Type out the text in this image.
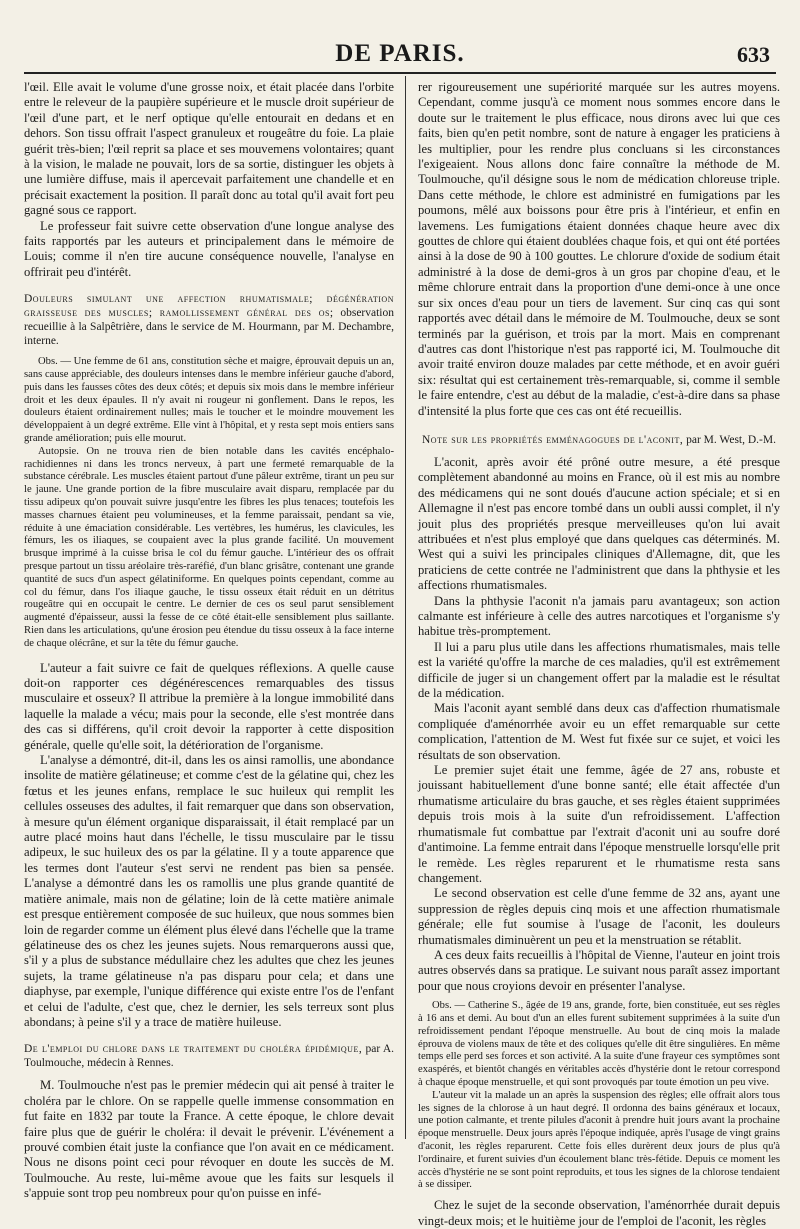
DE PARIS.	633

l'œil. Elle avait le volume d'une grosse noix, et était placée dans l'orbite entre le releveur de la paupière supérieure et le muscle droit supérieur de l'œil d'une part, et le nerf optique qu'elle entourait en dedans et en dehors. Son tissu offrait l'aspect granuleux et rougeâtre du foie. La plaie guérit très-bien; l'œil reprit sa place et ses mouvemens volontaires; quant à la vision, le malade ne pouvait, lors de sa sortie, distinguer les objets à une lumière diffuse, mais il apercevait parfaitement une chandelle et en précisait exactement la position. Il paraît donc au total qu'il avait fort peu gagné sous ce rapport.

Le professeur fait suivre cette observation d'une longue analyse des faits rapportés par les auteurs et principalement dans le mémoire de Louis; comme il n'en tire aucune conséquence nouvelle, l'analyse en offrirait peu d'intérêt.

Douleurs simulant une affection rhumatismale; dégénération graisseuse des muscles; ramollissement général des os; observation recueillie à la Salpêtrière, dans le service de M. Hourmann, par M. Dechambre, interne.

Obs. — Une femme de 61 ans, constitution sèche et maigre, éprouvait depuis un an, sans cause appréciable, des douleurs intenses dans le membre inférieur gauche d'abord, puis dans les fausses côtes des deux côtés; et depuis six mois dans le membre inférieur droit et les deux épaules. Il n'y avait ni rougeur ni gonflement. Dans le repos, les douleurs étaient ordinairement nulles; mais le toucher et le moindre mouvement les développaient à un degré extrême. Elle vint à l'hôpital, et y resta sept mois entiers sans grande amélioration; puis elle mourut.

Autopsie. On ne trouva rien de bien notable dans les cavités encéphalo-rachidiennes ni dans les troncs nerveux, à part une fermeté remarquable de la substance cérébrale. Les muscles étaient partout d'une pâleur extrême, tirant un peu sur le jaune. Une grande portion de la fibre musculaire avait disparu, remplacée par du tissu adipeux qu'on pouvait suivre jusqu'entre les fibres les plus tenaces; toutefois les masses charnues étaient peu volumineuses, et la femme paraissait, pendant sa vie, réduite à une émaciation considérable. Les vertèbres, les humérus, les clavicules, les fémurs, les os iliaques, se coupaient avec la plus grande facilité. Un mouvement brusque imprimé à la cuisse brisa le col du fémur gauche. L'intérieur des os offrait presque partout un tissu aréolaire très-raréfié, d'un blanc grisâtre, contenant une grande quantité de sucs d'un aspect gélatiniforme. En quelques points cependant, comme au col du fémur, dans l'os iliaque gauche, le tissu osseux était réduit en un détritus rougeâtre qui en occupait le centre. Le dernier de ces os seul parut sensiblement augmenté d'épaisseur, aussi la fesse de ce côté était-elle sensiblement plus saillante. Rien dans les articulations, qu'une érosion peu étendue du tissu osseux à la face interne de chaque olécrâne, et sur la tête du fémur gauche.

L'auteur a fait suivre ce fait de quelques réflexions. A quelle cause doit-on rapporter ces dégénérescences remarquables des tissus musculaire et osseux? Il attribue la première à la longue immobilité dans laquelle la malade a vécu; mais pour la seconde, elle s'est montrée dans des cas si différens, qu'il croit devoir la rapporter à cette disposition générale, quelle qu'elle soit, la détérioration de l'organisme.

L'analyse a démontré, dit-il, dans les os ainsi ramollis, une abondance insolite de matière gélatineuse; et comme c'est de la gélatine qui, chez les fœtus et les jeunes enfans, remplace le suc huileux qui remplit les cellules osseuses des adultes, il fait remarquer que dans son observation, à mesure qu'un élément organique disparaissait, il était remplacé par un autre placé moins haut dans l'échelle, le tissu musculaire par le tissu adipeux, le suc huileux des os par la gélatine. Il y a toute apparence que les termes dont l'auteur s'est servi ne rendent pas bien sa pensée. L'analyse a démontré dans les os ramollis une plus grande quantité de matière animale, mais non de gélatine; loin de là cette matière animale est presque entièrement composée de suc huileux, que nous sommes bien loin de regarder comme un élément plus élevé dans l'échelle que la trame gélatineuse des os chez les jeunes sujets. Nous remarquerons aussi que, s'il y a plus de substance médullaire chez les adultes que chez les jeunes sujets, la trame gélatineuse n'a pas disparu pour cela; et dans une diaphyse, par exemple, l'unique différence qui existe entre l'os de l'enfant et celui de l'adulte, c'est que, chez le dernier, les sels terreux sont plus abondans; à peine s'il y a trace de matière huileuse.

De l'emploi du chlore dans le traitement du choléra épidémique, par A. Toulmouche, médecin à Rennes.

M. Toulmouche n'est pas le premier médecin qui ait pensé à traiter le choléra par le chlore. On se rappelle quelle immense consommation en fut faite en 1832 par toute la France. A cette époque, le chlore devait faire plus que de guérir le choléra: il devait le prévenir. L'événement a prouvé combien était juste la confiance que l'on avait en ce médicament. Nous ne disons point ceci pour révoquer en doute les succès de M. Toulmouche. Au reste, lui-même avoue que les faits sur lesquels il s'appuie sont trop peu nombreux pour qu'on puisse en infé-

rer rigoureusement une supériorité marquée sur les autres moyens. Cependant, comme jusqu'à ce moment nous sommes encore dans le doute sur le traitement le plus efficace, nous dirons avec lui que ces faits, bien qu'en petit nombre, sont de nature à engager les praticiens à les multiplier, pour les rendre plus concluans si les circonstances l'exigeaient. Nous allons donc faire connaître la méthode de M. Toulmouche, qu'il désigne sous le nom de médication chloreuse triple. Dans cette méthode, le chlore est administré en fumigations par les poumons, mêlé aux boissons pour être pris à l'intérieur, et enfin en lavemens. Les fumigations étaient données chaque heure avec dix gouttes de chlore qui étaient doublées chaque fois, et qui ont été portées ainsi à la dose de 90 à 100 gouttes. Le chlorure d'oxide de sodium était administré à la dose de demi-gros à un gros par chopine d'eau, et le même chlorure entrait dans la proportion d'une demi-once à une once sur six onces d'eau pour un tiers de lavement. Sur cinq cas qui sont rapportés avec détail dans le mémoire de M. Toulmouche, deux se sont terminés par la guérison, et trois par la mort. Mais en comprenant d'autres cas dont l'historique n'est pas rapporté ici, M. Toulmouche dit avoir traité environ douze malades par cette méthode, et en avoir guéri six: résultat qui est certainement très-remarquable, si, comme il semble le faire entendre, c'est au début de la maladie, c'est-à-dire dans sa phase d'intensité la plus forte que ces cas ont été recueillis.

Note sur les propriétés emménagogues de l'aconit, par M. West, D.-M.

L'aconit, après avoir été prôné outre mesure, a été presque complètement abandonné au moins en France, où il est mis au nombre des médicamens qui ne sont doués d'aucune action spéciale; et si en Allemagne il n'est pas encore tombé dans un oubli aussi complet, il n'y jouit plus des propriétés presque merveilleuses qu'on lui avait attribuées et n'est plus employé que dans quelques cas déterminés. M. West qui a suivi les principales cliniques d'Allemagne, dit, que les praticiens de cette contrée ne l'administrent que dans la phthysie et les affections rhumatismales.

Dans la phthysie l'aconit n'a jamais paru avantageux; son action calmante est inférieure à celle des autres narcotiques et l'organisme s'y habitue très-promptement.

Il lui a paru plus utile dans les affections rhumatismales, mais telle est la variété qu'offre la marche de ces maladies, qu'il est extrêmement difficile de juger si un changement offert par la maladie est le résultat de la médication.

Mais l'aconit ayant semblé dans deux cas d'affection rhumatismale compliquée d'aménorrhée avoir eu un effet remarquable sur cette complication, l'attention de M. West fut fixée sur ce sujet, et voici les résultats de son observation.

Le premier sujet était une femme, âgée de 27 ans, robuste et jouissant habituellement d'une bonne santé; elle était affectée d'un rhumatisme articulaire du bras gauche, et ses règles étaient supprimées depuis trois mois à la suite d'un refroidissement. L'affection rhumatismale fut combattue par l'extrait d'aconit uni au soufre doré d'antimoine. La femme entrait dans l'époque menstruelle lorsqu'elle prit le remède. Les règles reparurent et le rhumatisme resta sans changement.

Le second observation est celle d'une femme de 32 ans, ayant une suppression de règles depuis cinq mois et une affection rhumatismale générale; elle fut soumise à l'usage de l'aconit, les douleurs rhumatismales diminuèrent un peu et la menstruation se rétablit.

A ces deux faits recueillis à l'hôpital de Vienne, l'auteur en joint trois autres observés dans sa pratique. Le suivant nous paraît assez important pour que nous croyions devoir en présenter l'analyse.

Obs. — Catherine S., âgée de 19 ans, grande, forte, bien constituée, eut ses règles à 16 ans et demi. Au bout d'un an elles furent subitement supprimées à la suite d'un refroidissement pendant l'époque menstruelle. Au bout de cinq mois la malade éprouva de violens maux de tête et des coliques qu'elle dit être singulières. En même temps elle perd ses forces et son activité. A la suite d'une frayeur ces symptômes sont exaspérés, et bientôt changés en véritables accès d'hystérie dont le retour correspond à chaque époque menstruelle, et qui sont provoqués par toute émotion un peu vive.

L'auteur vit la malade un an après la suspension des règles; elle offrait alors tous les signes de la chlorose à un haut degré. Il ordonna des bains généraux et locaux, une potion calmante, et trente pilules d'aconit à prendre huit jours avant la prochaine époque menstruelle. Deux jours après l'époque indiquée, après l'usage de vingt grains d'aconit, les règles reparurent. Cette fois elles durèrent deux jours de plus qu'à l'ordinaire, et furent suivies d'un écoulement blanc très-fétide. Depuis ce moment les accès d'hystérie ne se sont point reproduits, et tous les signes de la chlorose tendaient à se dissiper.

Chez le sujet de la seconde observation, l'aménorrhée durait depuis vingt-deux mois; et le huitième jour de l'emploi de l'aconit, les règles
